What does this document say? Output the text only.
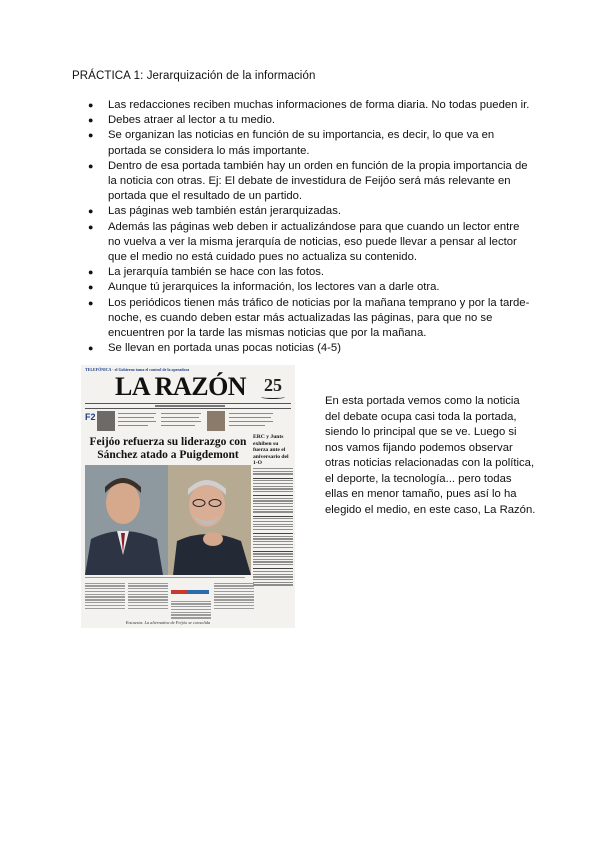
PRÁCTICA 1: Jerarquización de la información
● Las redacciones reciben muchas informaciones de forma diaria. No todas pueden ir.
● Debes atraer al lector a tu medio.
● Se organizan las noticias en función de su importancia, es decir, lo que va en portada se considera lo más importante.
● Dentro de esa portada también hay un orden en función de la propia importancia de la noticia con otras. Ej: El debate de investidura de Feijóo será más relevante en portada que el resultado de un partido.
● Las páginas web también están jerarquizadas.
● Además las páginas web deben ir actualizándose para que cuando un lector entre no vuelva a ver la misma jerarquía de noticias, eso puede llevar a pensar al lector que el medio no está cuidado pues no actualiza su contenido.
● La jerarquía también se hace con las fotos.
● Aunque tú jerarquices la información, los lectores van a darle otra.
● Los periódicos tienen más tráfico de noticias por la mañana temprano y por la tarde-noche, es cuando deben estar más actualizadas las páginas, para que no se encuentren por la tarde las mismas noticias que por la mañana.
● Se llevan en portada unas pocas noticias (4-5)
TELEFÓNICA · el Gobierno toma el control de la operadora
LA RAZÓN 25
F2
Feijóo refuerza su liderazgo con Sánchez atado a Puigdemont
Encuesta: La alternativa de Feijóo se consolida
ERC y Junts exhiben su fuerza ante el aniversario del 1-O
En esta portada vemos como la noticia del debate ocupa casi toda la portada, siendo lo principal que se ve. Luego si nos vamos fijando podemos observar otras noticias relacionadas con la política, el deporte, la tecnología... pero todas ellas en menor tamaño, pues así lo ha elegido el medio, en este caso, La Razón.
